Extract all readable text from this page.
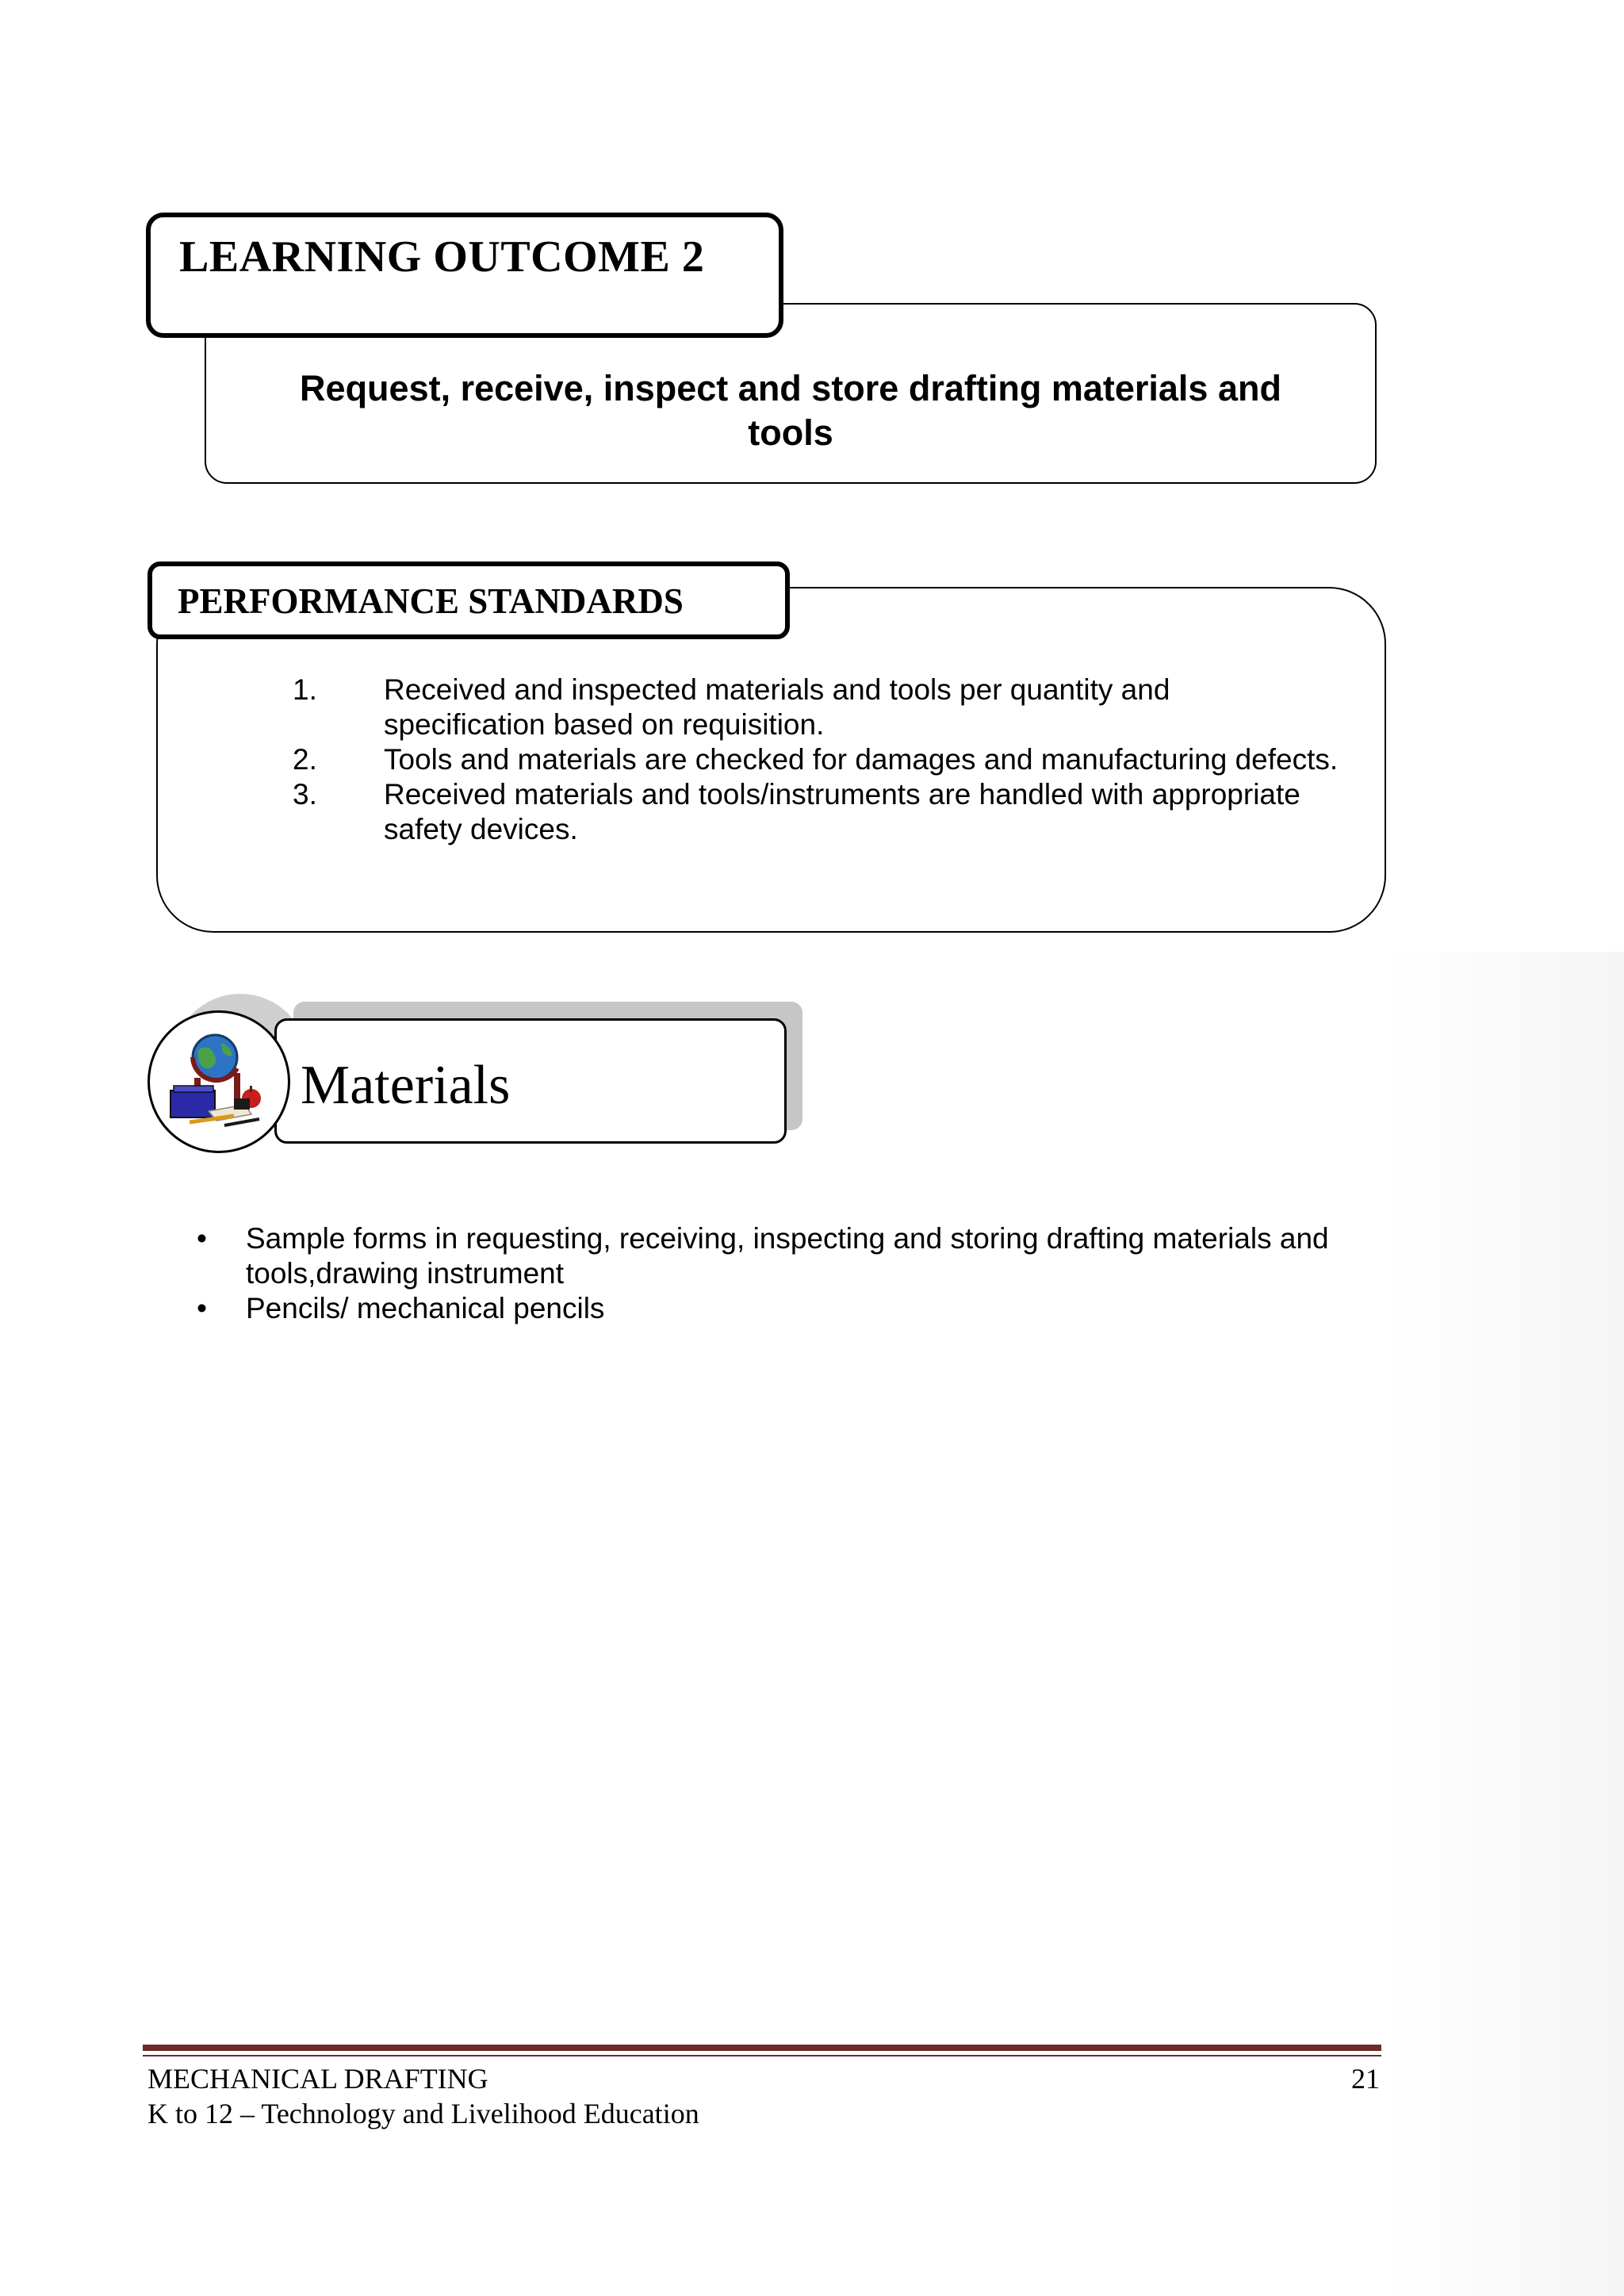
Request, receive, inspect and store drafting materials and tools
LEARNING OUTCOME 2
1. Received and inspected materials and tools per quantity and specification based on requisition.
2. Tools and materials are checked for damages and manufacturing defects.
3. Received materials and tools/instruments are handled with appropriate safety devices.
PERFORMANCE STANDARDS
Materials
• Sample forms in requesting, receiving, inspecting and storing drafting materials and tools,drawing instrument
• Pencils/ mechanical pencils
MECHANICAL DRAFTING	21
K to 12 – Technology and Livelihood Education
